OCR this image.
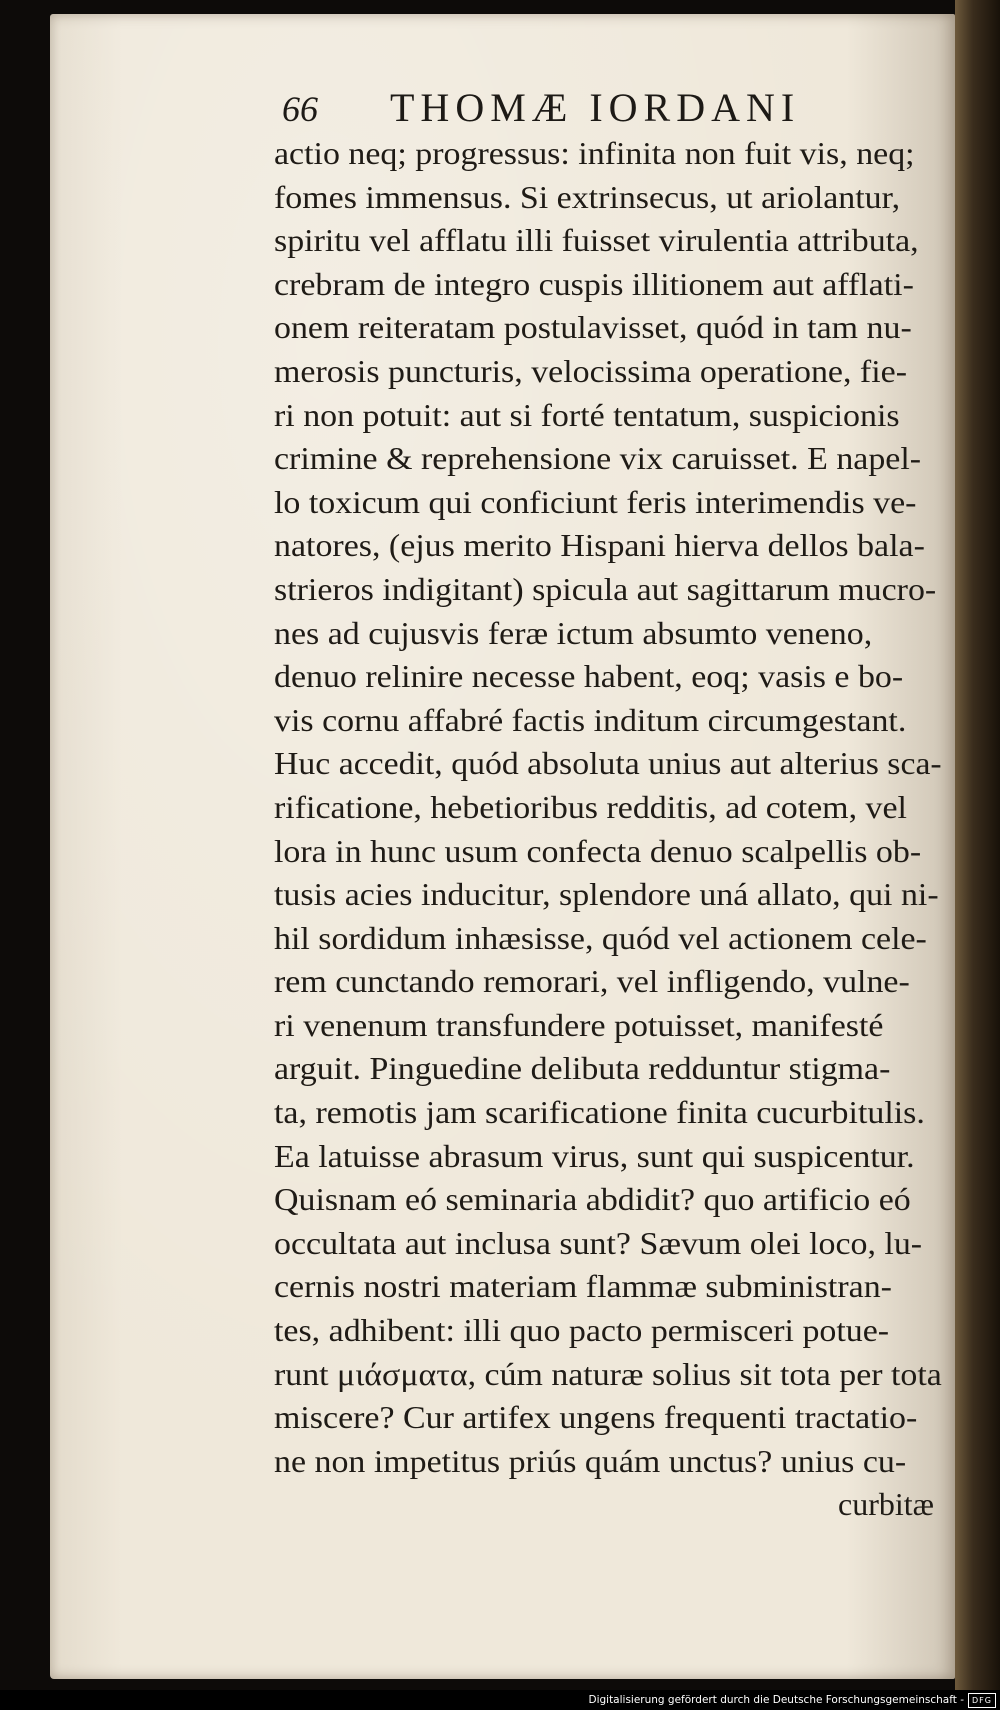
66 THOMÆ IORDANI
actio neq; progressus: infinita non fuit vis, neq;
fomes immensus. Si extrinsecus, ut ariolantur,
spiritu vel afflatu illi fuisset virulentia attributa,
crebram de integro cuspis illitionem aut afflati-
onem reiteratam postulavisset, quód in tam nu-
merosis puncturis, velocissima operatione, fie-
ri non potuit: aut si forté tentatum, suspicionis
crimine & reprehensione vix caruisset. E napel-
lo toxicum qui conficiunt feris interimendis ve-
natores, (ejus merito Hispani hierva dellos bala-
strieros indigitant) spicula aut sagittarum mucro-
nes ad cujusvis feræ ictum absumto veneno,
denuo relinire necesse habent, eoq; vasis e bo-
vis cornu affabré factis inditum circumgestant.
Huc accedit, quód absoluta unius aut alterius sca-
rificatione, hebetioribus redditis, ad cotem, vel
lora in hunc usum confecta denuo scalpellis ob-
tusis acies inducitur, splendore uná allato, qui ni-
hil sordidum inhæsisse, quód vel actionem cele-
rem cunctando remorari, vel infligendo, vulne-
ri venenum transfundere potuisset, manifesté
arguit. Pinguedine delibuta redduntur stigma-
ta, remotis jam scarificatione finita cucurbitulis.
Ea latuisse abrasum virus, sunt qui suspicentur.
Quisnam eó seminaria abdidit? quo artificio eó
occultata aut inclusa sunt? Sævum olei loco, lu-
cernis nostri materiam flammæ subministran-
tes, adhibent: illi quo pacto permisceri potue-
runt μιάσματα, cúm naturæ solius sit tota per tota
miscere? Cur artifex ungens frequenti tractatio-
ne non impetitus priús quám unctus? unius cu-
curbitæ
Digitalisierung gefördert durch die Deutsche Forschungsgemeinschaft -	DFG
